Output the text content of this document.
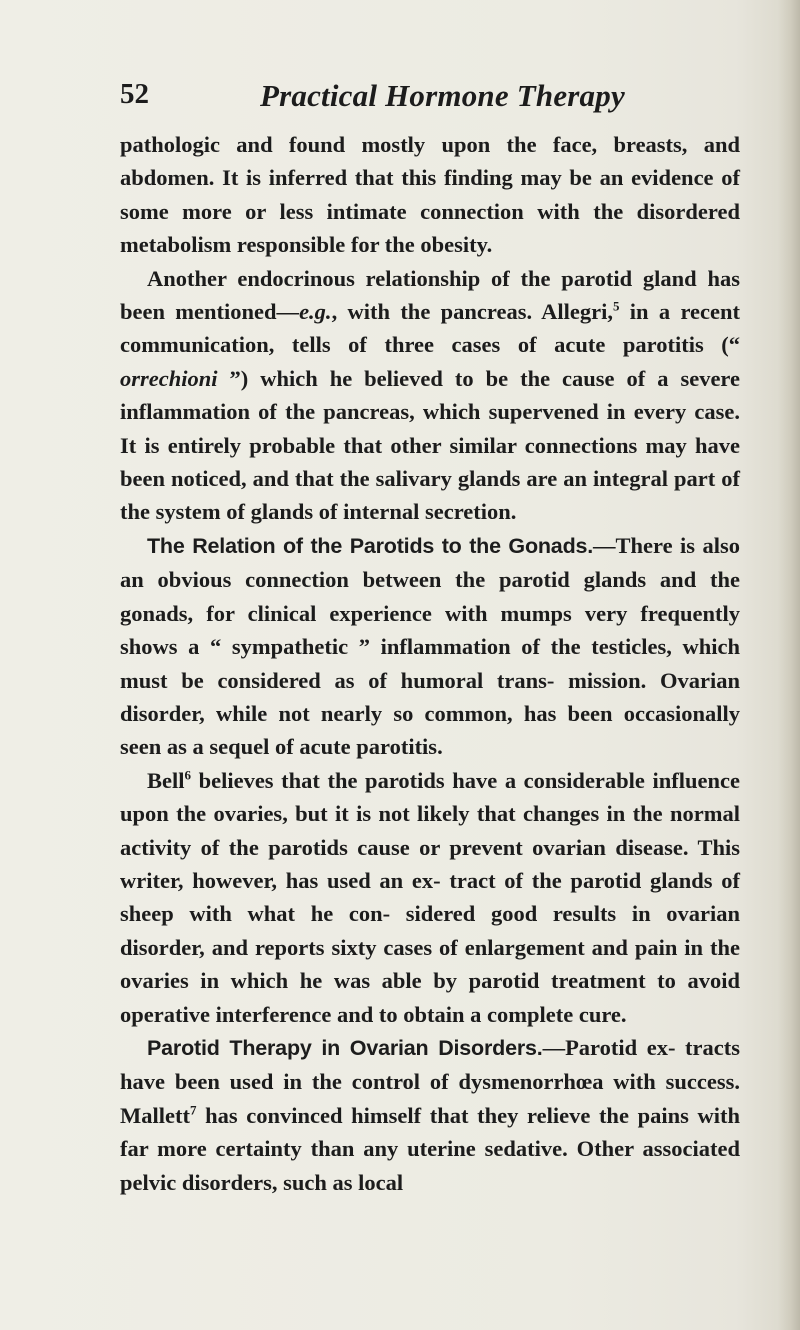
52	Practical Hormone Therapy

pathologic and found mostly upon the face, breasts, and abdomen. It is inferred that this finding may be an evidence of some more or less intimate connection with the disordered metabolism responsible for the obesity.

Another endocrinous relationship of the parotid gland has been mentioned—e.g., with the pancreas. Allegri,$^5$ in a recent communication, tells of three cases of acute parotitis (“ orrechioni ”) which he believed to be the cause of a severe inflammation of the pancreas, which supervened in every case. It is entirely probable that other similar connections may have been noticed, and that the salivary glands are an integral part of the system of glands of internal secretion.

The Relation of the Parotids to the Gonads.—There is also an obvious connection between the parotid glands and the gonads, for clinical experience with mumps very frequently shows a “ sympathetic ” inflammation of the testicles, which must be considered as of humoral trans- mission. Ovarian disorder, while not nearly so common, has been occasionally seen as a sequel of acute parotitis.

Bell$^6$ believes that the parotids have a considerable influence upon the ovaries, but it is not likely that changes in the normal activity of the parotids cause or prevent ovarian disease. This writer, however, has used an ex- tract of the parotid glands of sheep with what he con- sidered good results in ovarian disorder, and reports sixty cases of enlargement and pain in the ovaries in which he was able by parotid treatment to avoid operative interference and to obtain a complete cure.

Parotid Therapy in Ovarian Disorders.—Parotid ex- tracts have been used in the control of dysmenorrhœa with success. Mallett$^7$ has convinced himself that they relieve the pains with far more certainty than any uterine sedative. Other associated pelvic disorders, such as local
